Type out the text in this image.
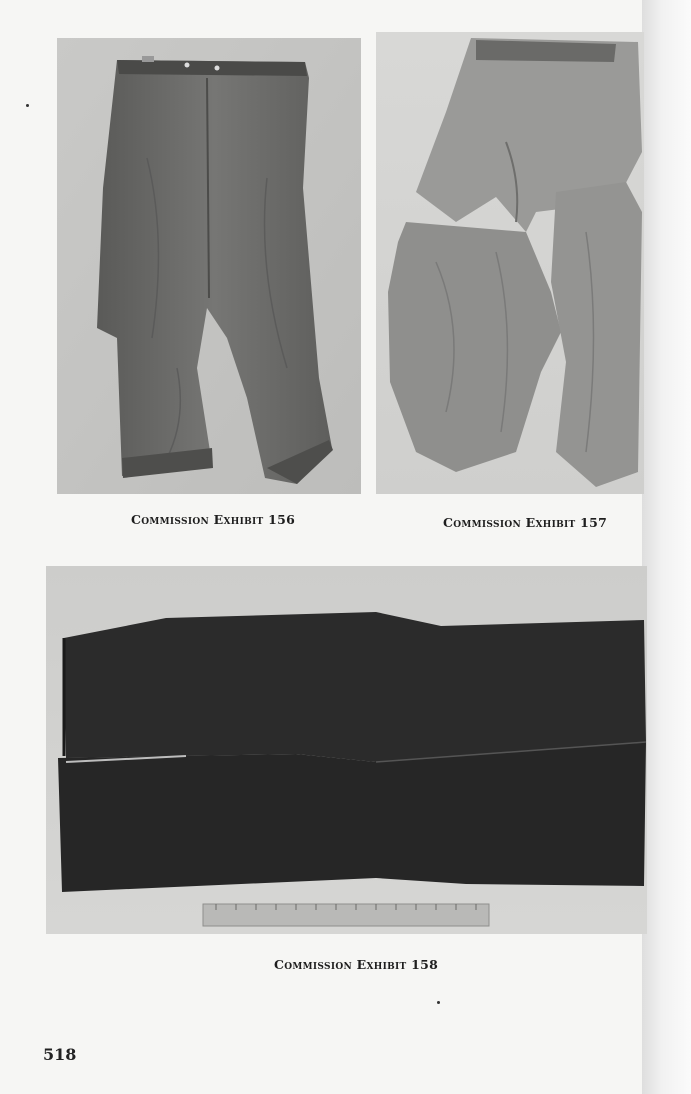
Commission Exhibit 156	Commission Exhibit 157
Commission Exhibit 158
518
